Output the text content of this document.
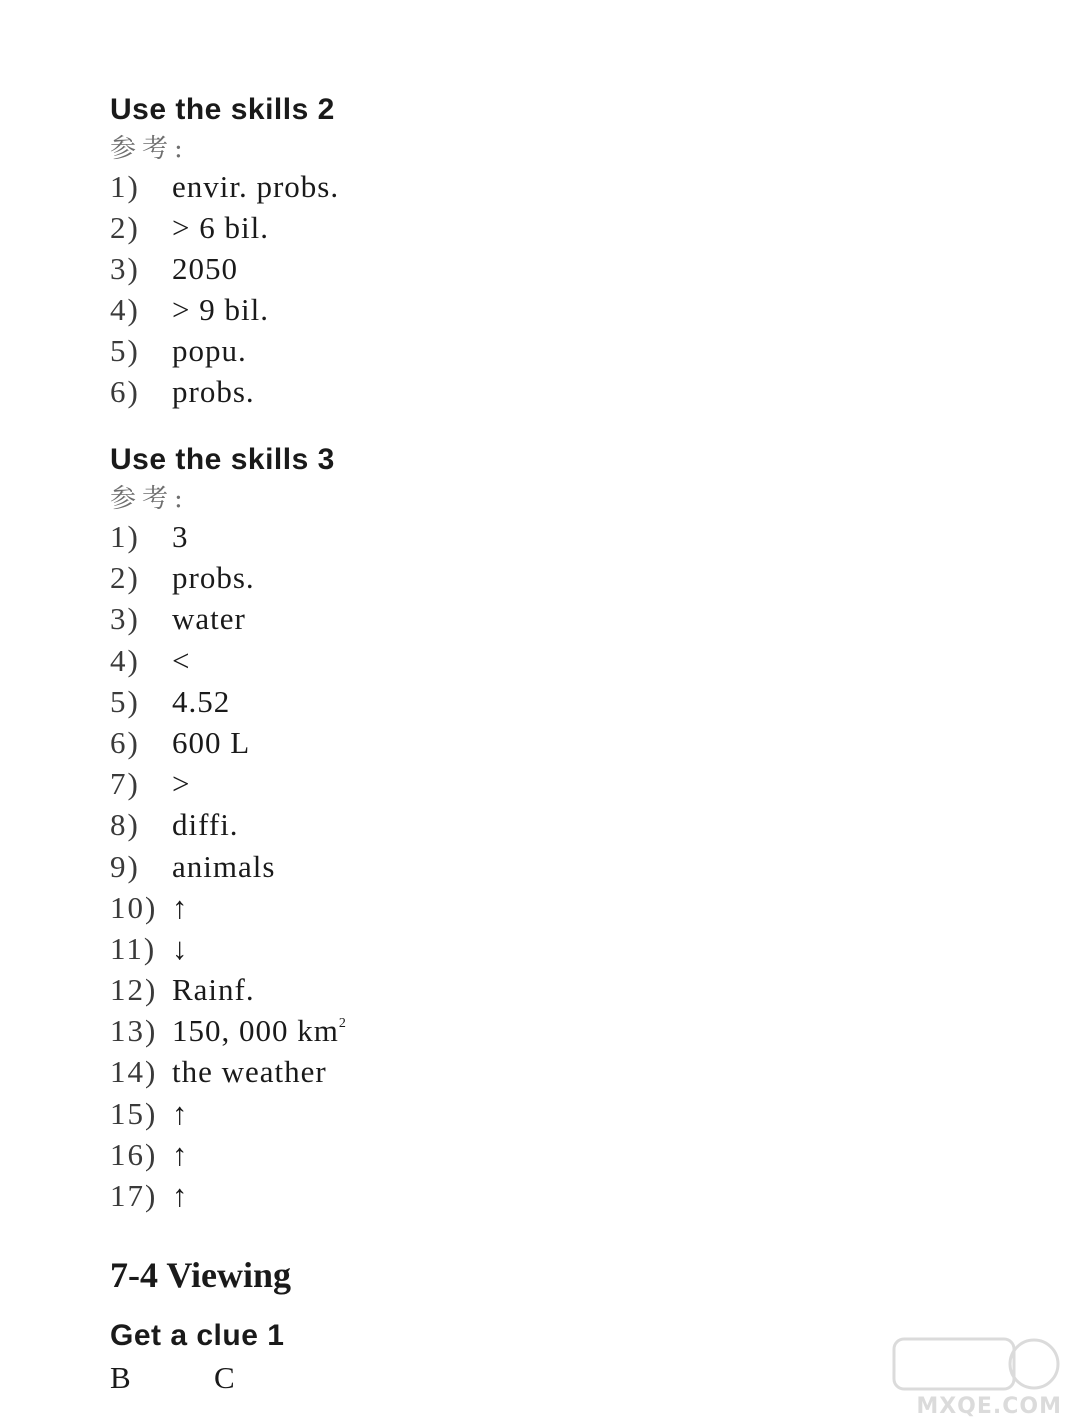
Use the skills 2
参考:
1)	envir. probs.
2)	> 6 bil.
3)	2050
4)	> 9 bil.
5)	popu.
6)	probs.
Use the skills 3
参考:
1)	3
2)	probs.
3)	water
4)	<
5)	4.52
6)	600 L
7)	>
8)	diffi.
9)	animals
10) ↑
11) ↓
12) Rainf.
13) 150, 000 $km^2$
14) the weather
15) ↑
16) ↑
17) ↑
7-4 Viewing
Get a clue 1
B	C
MXQE.COM
